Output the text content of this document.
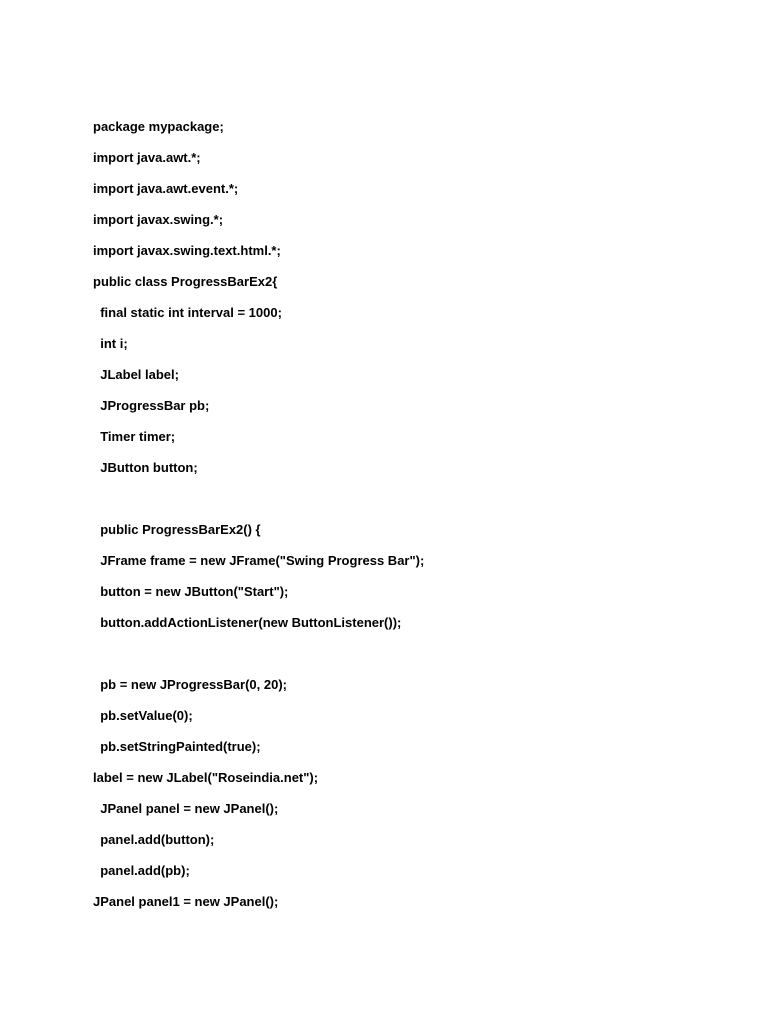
package mypackage;
import java.awt.*;
import java.awt.event.*;
import javax.swing.*;
import javax.swing.text.html.*;
public class ProgressBarEx2{
final static int interval = 1000;
int i;
JLabel label;
JProgressBar pb;
Timer timer;
JButton button;
public ProgressBarEx2() {
JFrame frame = new JFrame("Swing Progress Bar");
button = new JButton("Start");
button.addActionListener(new ButtonListener());
pb = new JProgressBar(0, 20);
pb.setValue(0);
pb.setStringPainted(true);
label = new JLabel("Roseindia.net");
JPanel panel = new JPanel();
panel.add(button);
panel.add(pb);
JPanel panel1 = new JPanel();
